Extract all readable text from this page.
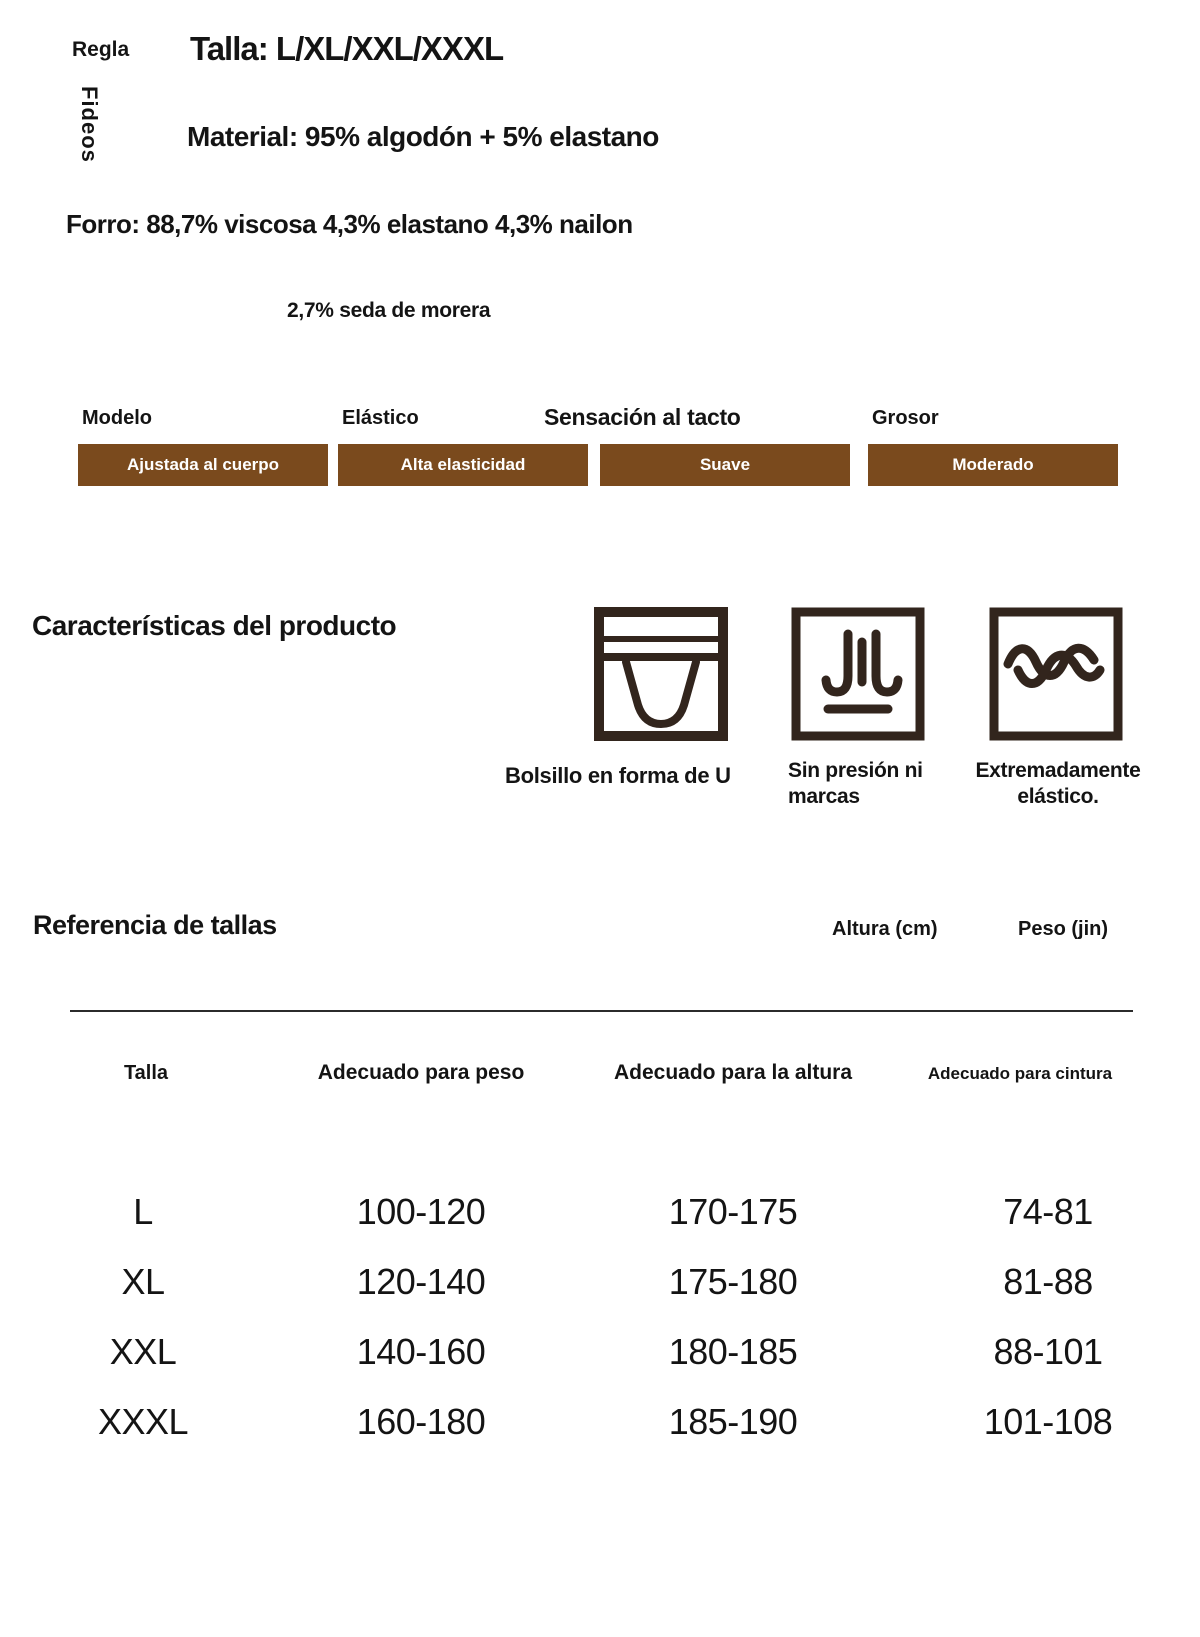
Regla
Fideos
Talla: L/XL/XXL/XXXL
Material: 95% algodón + 5% elastano
Forro: 88,7% viscosa 4,3% elastano 4,3% nailon
2,7% seda de morera
Modelo	Elástico	Sensación al tacto	Grosor
Ajustada al cuerpo	Alta elasticidad	Suave	Moderado
Características del producto
Bolsillo en forma de U	Sin presión ni marcas
Extremadamente elástico.
Referencia de tallas	Altura (cm)	Peso (jin)
Talla	Adecuado para peso	Adecuado para la altura	Adecuado para cintura
L	100-120	170-175	74-81
XL	120-140	175-180	81-88
XXL	140-160	180-185	88-101
XXXL	160-180	185-190	101-108
